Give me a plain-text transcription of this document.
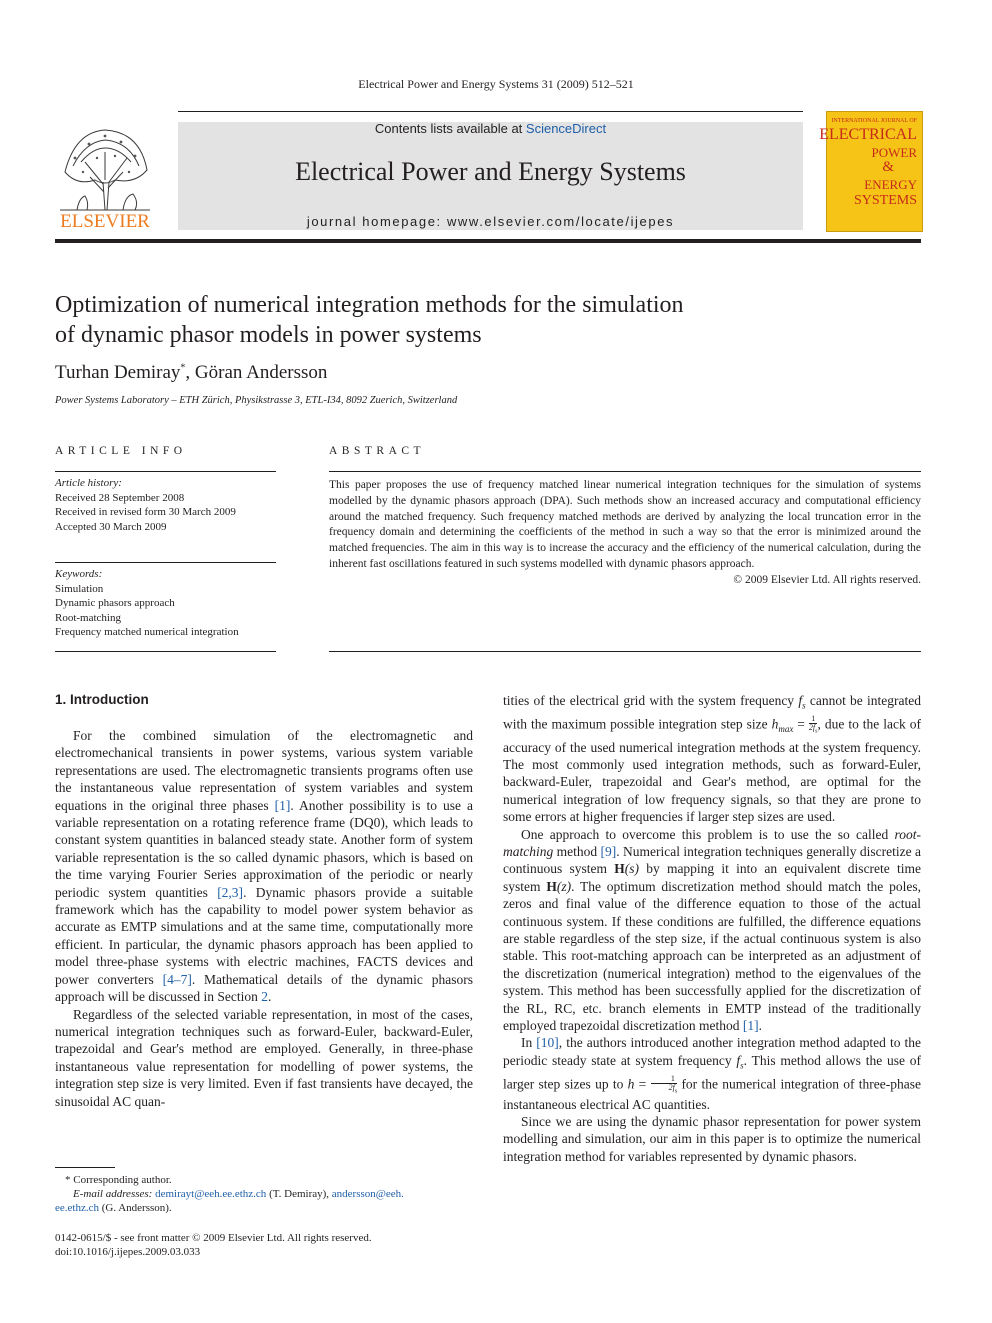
Electrical Power and Energy Systems 31 (2009) 512–521
ELSEVIER
Contents lists available at ScienceDirect
Electrical Power and Energy Systems
journal homepage: www.elsevier.com/locate/ijepes
INTERNATIONAL JOURNAL OF
ELECTRICAL
POWER
&
ENERGY
SYSTEMS
Optimization of numerical integration methods for the simulation
of dynamic phasor models in power systems
Turhan Demiray*, Göran Andersson
Power Systems Laboratory – ETH Zürich, Physikstrasse 3, ETL-I34, 8092 Zuerich, Switzerland
ARTICLE INFO
Article history:
Received 28 September 2008
Received in revised form 30 March 2009
Accepted 30 March 2009
Keywords:
Simulation
Dynamic phasors approach
Root-matching
Frequency matched numerical integration
ABSTRACT
This paper proposes the use of frequency matched linear numerical integration techniques for the simulation of systems modelled by the dynamic phasors approach (DPA). Such methods show an increased accuracy and computational efficiency around the matched frequency. Such frequency matched methods are derived by analyzing the local truncation error in the frequency domain and determining the coefficients of the method in such a way so that the error is minimized around the matched frequencies. The aim in this way is to increase the accuracy and the efficiency of the numerical calculation, during the inherent fast oscillations featured in such systems modelled with dynamic phasors approach.
© 2009 Elsevier Ltd. All rights reserved.
1. Introduction

For the combined simulation of the electromagnetic and electromechanical transients in power systems, various system variable representations are used. The electromagnetic transients programs often use the instantaneous value representation of system variables and system equations in the original three phases [1]. Another possibility is to use a variable representation on a rotating reference frame (DQ0), which leads to constant system quantities in balanced steady state. Another form of system variable representation is the so called dynamic phasors, which is based on the time varying Fourier Series approximation of the periodic or nearly periodic system quantities [2,3]. Dynamic phasors provide a suitable framework which has the capability to model power system behavior as accurate as EMTP simulations and at the same time, computationally more efficient. In particular, the dynamic phasors approach has been applied to model three-phase systems with electric machines, FACTS devices and power converters [4–7]. Mathematical details of the dynamic phasors approach will be discussed in Section 2.

Regardless of the selected variable representation, in most of the cases, numerical integration techniques such as forward-Euler, backward-Euler, trapezoidal and Gear's method are employed. Generally, in three-phase instantaneous value representation for modelling of power systems, the integration step size is very limited. Even if fast transients have decayed, the sinusoidal AC quan-

tities of the electrical grid with the system frequency $f_s$ cannot be integrated with the maximum possible integration step size $h_{max} = \frac{1}{2f_s}$ , due to the lack of accuracy of the used numerical integration methods at the system frequency. The most commonly used integration methods, such as forward-Euler, backward-Euler, trapezoidal and Gear's method, are optimal for the numerical integration of low frequency signals, so that they are prone to some errors at higher frequencies if larger step sizes are used.

One approach to overcome this problem is to use the so called root-matching method [9]. Numerical integration techniques generally discretize a continuous system H(s) by mapping it into an equivalent discrete time system H(z). The optimum discretization method should match the poles, zeros and final value of the difference equation to those of the actual continuous system. If these conditions are fulfilled, the difference equations are stable regardless of the step size, if the actual continuous system is also stable. This root-matching approach can be interpreted as an adjustment of the discretization (numerical integration) method to the eigenvalues of the system. This method has been successfully applied for the discretization of the RL, RC, etc. branch elements in EMTP instead of the traditionally employed trapezoidal discretization method [1].

In [10], the authors introduced another integration method adapted to the periodic steady state at system frequency $f_s$. This method allows the use of larger step sizes up to $h = \frac{1}{2f_s}$ for the numerical integration of three-phase instantaneous electrical AC quantities.

Since we are using the dynamic phasor representation for power system modelling and simulation, our aim in this paper is to optimize the numerical integration method for variables represented by dynamic phasors.

* Corresponding author.
E-mail addresses: demirayt@eeh.ee.ethz.ch (T. Demiray), andersson@eeh.
ee.ethz.ch (G. Andersson).
0142-0615/$ - see front matter © 2009 Elsevier Ltd. All rights reserved.
doi:10.1016/j.ijepes.2009.03.033
